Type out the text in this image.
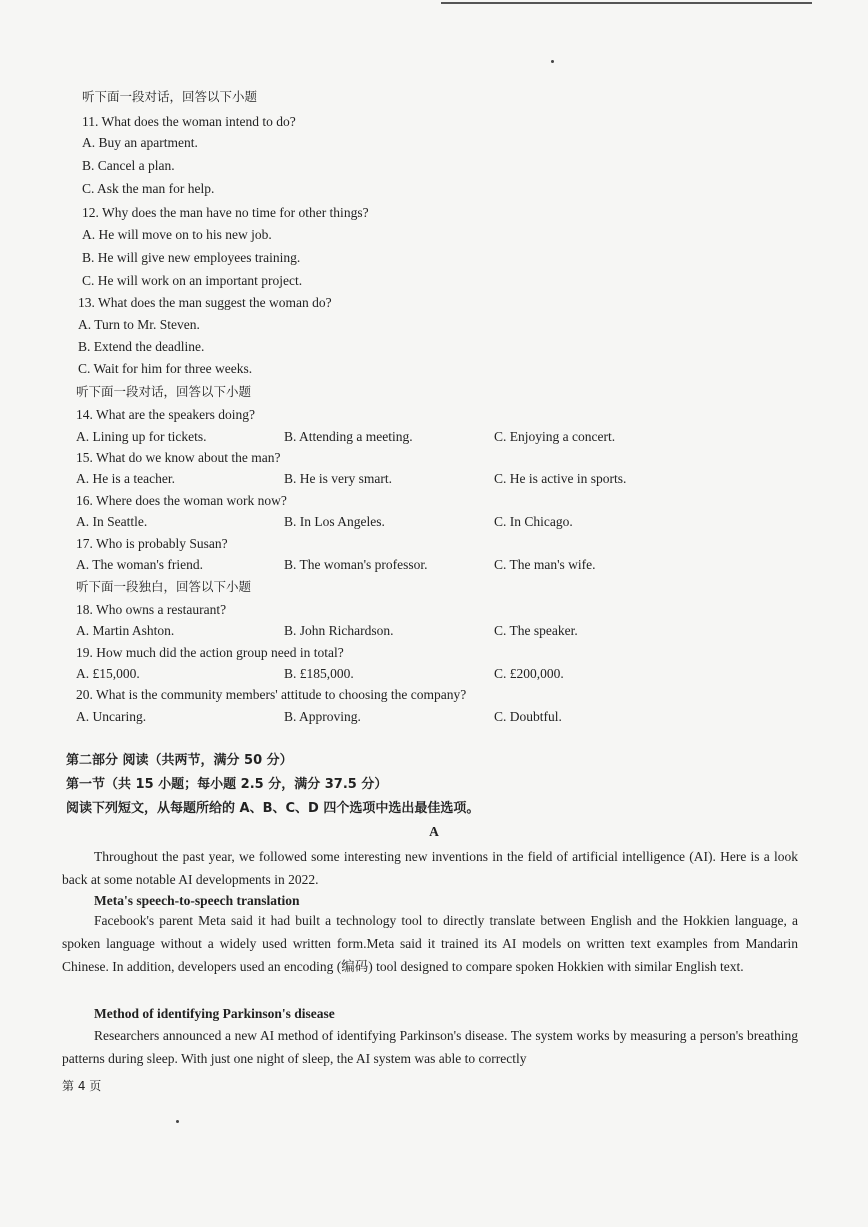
听下面一段对话，回答以下小题
11. What does the woman intend to do?
A. Buy an apartment.
B. Cancel a plan.
C. Ask the man for help.
12. Why does the man have no time for other things?
A. He will move on to his new job.
B. He will give new employees training.
C. He will work on an important project.
13. What does the man suggest the woman do?
A. Turn to Mr. Steven.
B. Extend the deadline.
C. Wait for him for three weeks.
听下面一段对话，回答以下小题
14. What are the speakers doing?
A. Lining up for tickets.	B. Attending a meeting.	C. Enjoying a concert.
15. What do we know about the man?
A. He is a teacher.	B. He is very smart.	C. He is active in sports.
16. Where does the woman work now?
A. In Seattle.	B. In Los Angeles.	C. In Chicago.
17. Who is probably Susan?
A. The woman's friend.	B. The woman's professor.	C. The man's wife.
听下面一段独白，回答以下小题
18. Who owns a restaurant?
A. Martin Ashton.	B. John Richardson.	C. The speaker.
19. How much did the action group need in total?
A. £15,000.	B. £185,000.	C. £200,000.
20. What is the community members' attitude to choosing the company?
A. Uncaring.	B. Approving.	C. Doubtful.
第二部分 阅读（共两节，满分 50 分）
第一节（共 15 小题；每小题 2.5 分，满分 37.5 分）
阅读下列短文，从每题所给的 A、B、C、D 四个选项中选出最佳选项。
A
Throughout the past year, we followed some interesting new inventions in the field of artificial intelligence (AI). Here is a look back at some notable AI developments in 2022.
Meta's speech-to-speech translation
Facebook's parent Meta said it had built a technology tool to directly translate between English and the Hokkien language, a spoken language without a widely used written form.Meta said it trained its AI models on written text examples from Mandarin Chinese. In addition, developers used an encoding (编码) tool designed to compare spoken Hokkien with similar English text.
Method of identifying Parkinson's disease
Researchers announced a new AI method of identifying Parkinson's disease. The system works by measuring a person's breathing patterns during sleep. With just one night of sleep, the AI system was able to correctly
第 4 页
